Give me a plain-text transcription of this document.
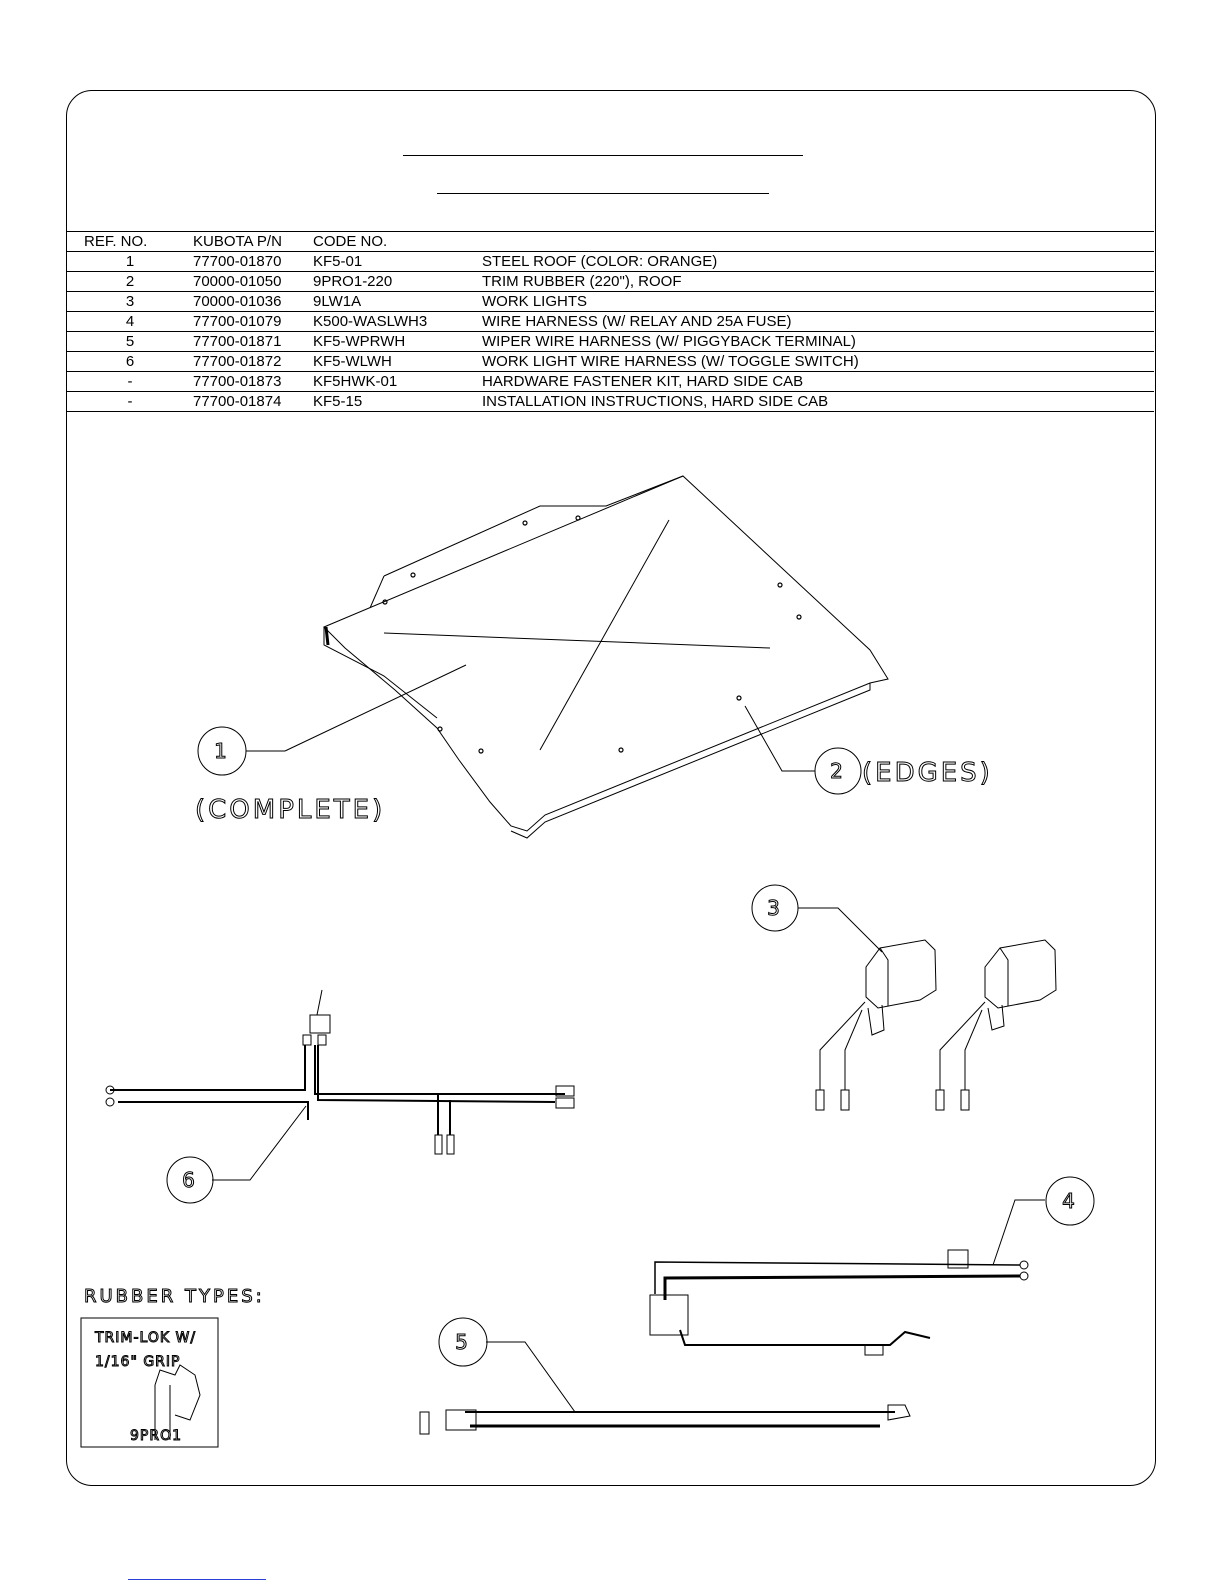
REF. NO.	KUBOTA P/N	CODE NO.	
1	77700-01870	KF5-01	STEEL ROOF (COLOR: ORANGE)
2	70000-01050	9PRO1-220	TRIM RUBBER (220"), ROOF
3	70000-01036	9LW1A	WORK LIGHTS
4	77700-01079	K500-WASLWH3	WIRE HARNESS (W/ RELAY AND 25A FUSE)
5	77700-01871	KF5-WPRWH	WIPER WIRE HARNESS (W/ PIGGYBACK TERMINAL)
6	77700-01872	KF5-WLWH	WORK LIGHT WIRE HARNESS (W/ TOGGLE SWITCH)
-	77700-01873	KF5HWK-01	HARDWARE FASTENER KIT, HARD SIDE CAB
-	77700-01874	KF5-15	INSTALLATION INSTRUCTIONS, HARD SIDE CAB
1
(COMPLETE)
2 (EDGES)
3
4
5
6
RUBBER TYPES:
TRIM-LOK W/
1/16" GRIP
9PRO1
